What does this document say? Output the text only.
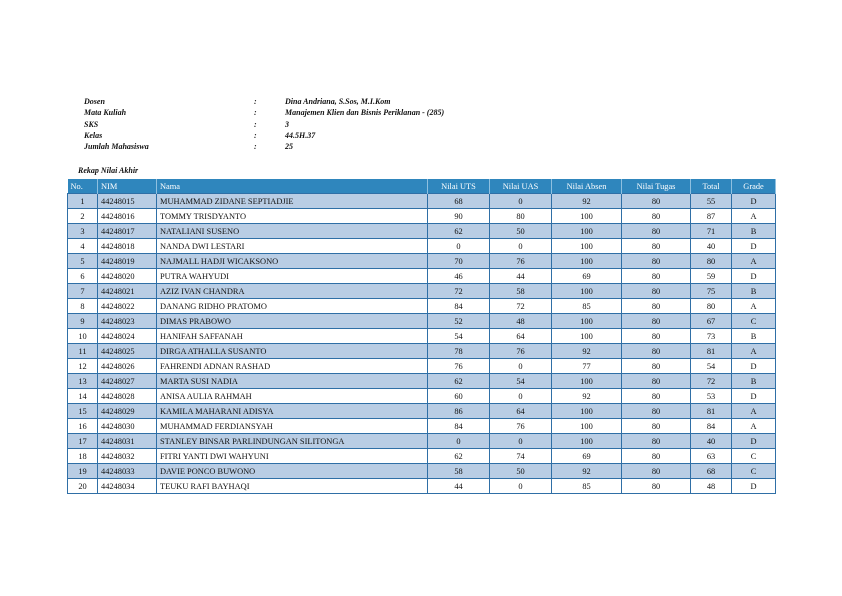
Dosen	:	Dina Andriana, S.Sos, M.I.Kom
Mata Kuliah	:	Manajemen Klien dan Bisnis Periklanan - (285)
SKS	:	3
Kelas	:	44.5H.37
Jumlah Mahasiswa	:	25
Rekap Nilai Akhir
No.	NIM	Nama	Nilai UTS	Nilai UAS	Nilai Absen	Nilai Tugas	Total	Grade
1	44248015	MUHAMMAD ZIDANE SEPTIADJIE	68	0	92	80	55	D
2	44248016	TOMMY TRISDYANTO	90	80	100	80	87	A
3	44248017	NATALIANI SUSENO	62	50	100	80	71	B
4	44248018	NANDA DWI LESTARI	0	0	100	80	40	D
5	44248019	NAJMALL HADJI WICAKSONO	70	76	100	80	80	A
6	44248020	PUTRA WAHYUDI	46	44	69	80	59	D
7	44248021	AZIZ IVAN CHANDRA	72	58	100	80	75	B
8	44248022	DANANG RIDHO PRATOMO	84	72	85	80	80	A
9	44248023	DIMAS PRABOWO	52	48	100	80	67	C
10	44248024	HANIFAH SAFFANAH	54	64	100	80	73	B
11	44248025	DIRGA ATHALLA SUSANTO	78	76	92	80	81	A
12	44248026	FAHRENDI ADNAN RASHAD	76	0	77	80	54	D
13	44248027	MARTA SUSI NADIA	62	54	100	80	72	B
14	44248028	ANISA AULIA RAHMAH	60	0	92	80	53	D
15	44248029	KAMILA MAHARANI ADISYA	86	64	100	80	81	A
16	44248030	MUHAMMAD FERDIANSYAH	84	76	100	80	84	A
17	44248031	STANLEY BINSAR PARLINDUNGAN SILITONGA	0	0	100	80	40	D
18	44248032	FITRI YANTI DWI WAHYUNI	62	74	69	80	63	C
19	44248033	DAVIE PONCO BUWONO	58	50	92	80	68	C
20	44248034	TEUKU RAFI BAYHAQI	44	0	85	80	48	D
